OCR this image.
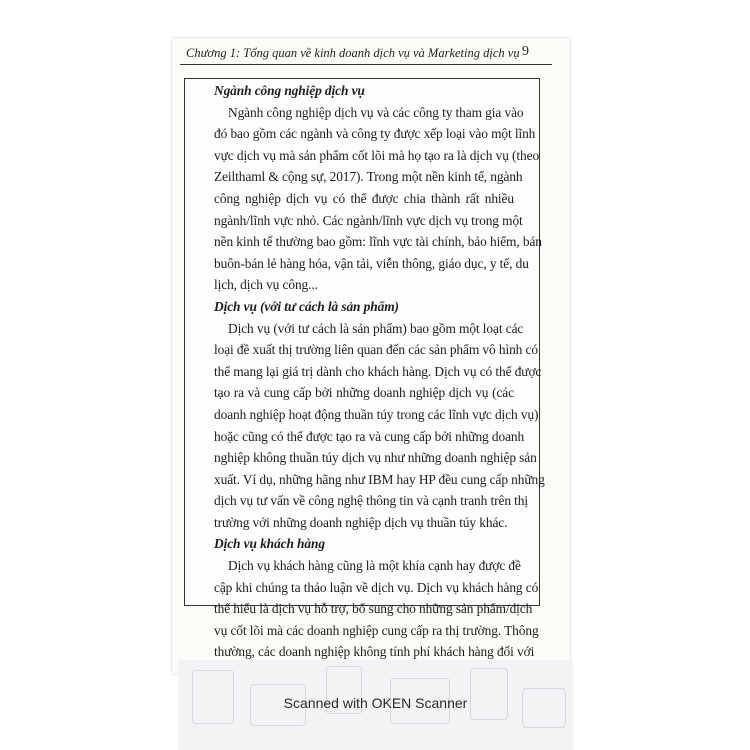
Chương 1: Tổng quan về kinh doanh dịch vụ và Marketing dịch vụ 9
Ngành công nghiệp dịch vụ
Ngành công nghiệp dịch vụ và các công ty tham gia vào
đó bao gồm các ngành và công ty được xếp loại vào một lĩnh
vực dịch vụ mà sản phẩm cốt lõi mà họ tạo ra là dịch vụ (theo
Zeilthaml & cộng sự, 2017). Trong một nền kinh tế, ngành
công nghiệp dịch vụ có thể được chia thành rất nhiều
ngành/lĩnh vực nhỏ. Các ngành/lĩnh vực dịch vụ trong một
nền kinh tế thường bao gồm: lĩnh vực tài chính, bảo hiểm, bán
buôn-bán lẻ hàng hóa, vận tải, viễn thông, giáo dục, y tế, du
lịch, dịch vụ công...
Dịch vụ (với tư cách là sản phẩm)
Dịch vụ (với tư cách là sản phẩm) bao gồm một loạt các
loại đề xuất thị trường liên quan đến các sản phẩm vô hình có
thể mang lại giá trị dành cho khách hàng. Dịch vụ có thể được
tạo ra và cung cấp bởi những doanh nghiệp dịch vụ (các
doanh nghiệp hoạt động thuần túy trong các lĩnh vực dịch vụ)
hoặc cũng có thể được tạo ra và cung cấp bởi những doanh
nghiệp không thuần túy dịch vụ như những doanh nghiệp sản
xuất. Ví dụ, những hãng như IBM hay HP đều cung cấp những
dịch vụ tư vấn về công nghệ thông tin và cạnh tranh trên thị
trường với những doanh nghiệp dịch vụ thuần túy khác.
Dịch vụ khách hàng
Dịch vụ khách hàng cũng là một khía cạnh hay được đề
cập khi chúng ta thảo luận về dịch vụ. Dịch vụ khách hàng có
thể hiểu là dịch vụ hỗ trợ, bổ sung cho những sản phẩm/dịch
vụ cốt lõi mà các doanh nghiệp cung cấp ra thị trường. Thông
thường, các doanh nghiệp không tính phí khách hàng đối với
Scanned with OKEN Scanner
